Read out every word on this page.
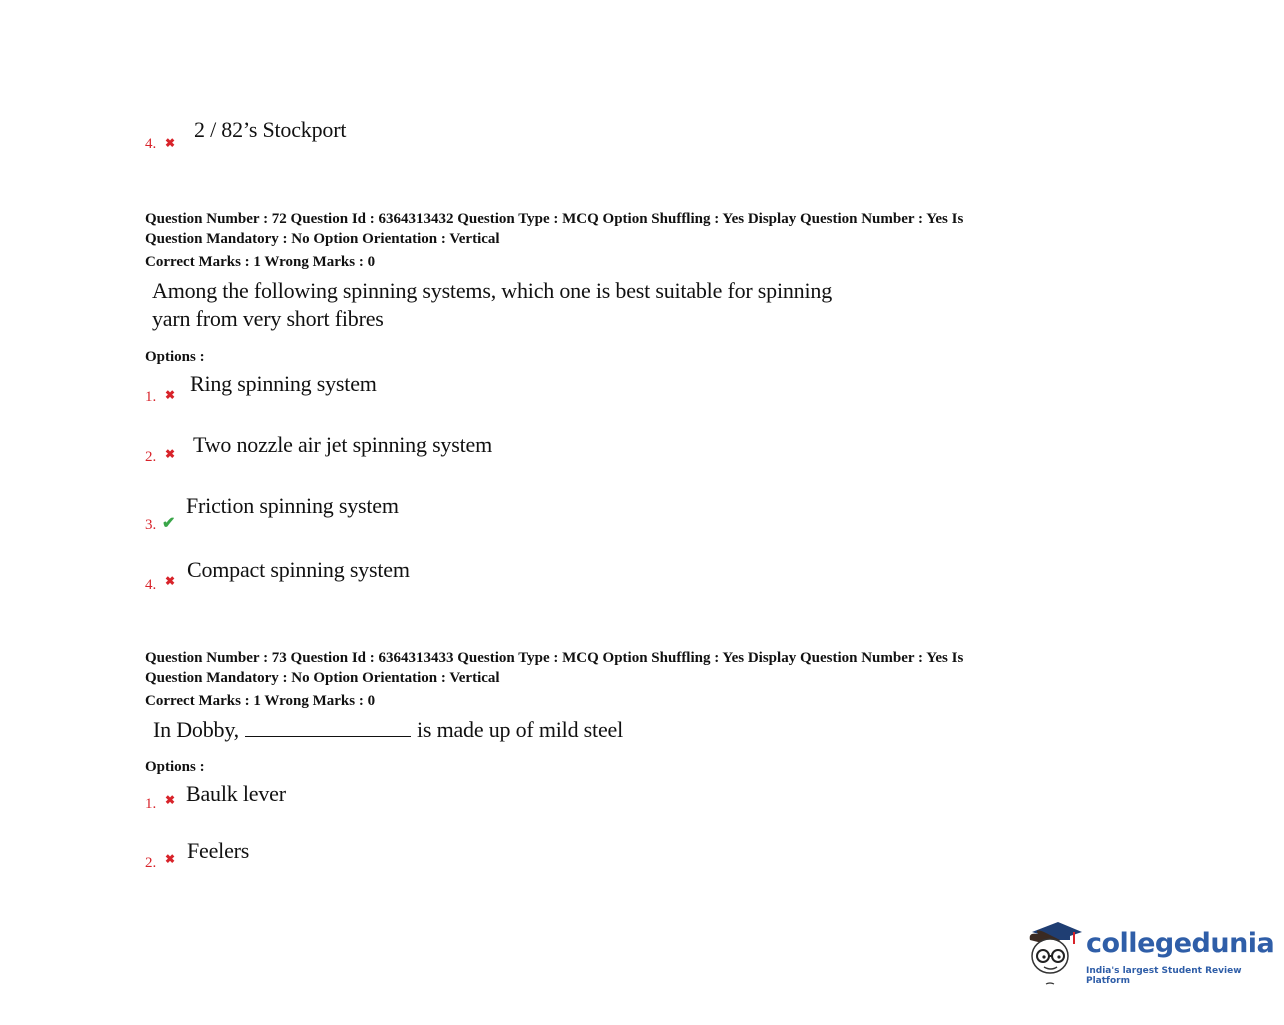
4. ✖
2 / 82’s Stockport
Question Number : 72 Question Id : 6364313432 Question Type : MCQ Option Shuffling : Yes Display Question Number : Yes Is
Question Mandatory : No Option Orientation : Vertical
Correct Marks : 1 Wrong Marks : 0
Among the following spinning systems, which one is best suitable for spinning
yarn from very short fibres
Options :
1. ✖ Ring spinning system
2. ✖ Two nozzle air jet spinning system
3. ✔
Friction spinning system
4. ✖ Compact spinning system
Question Number : 73 Question Id : 6364313433 Question Type : MCQ Option Shuffling : Yes Display Question Number : Yes Is
Question Mandatory : No Option Orientation : Vertical
Correct Marks : 1 Wrong Marks : 0
In Dobby,	is made up of mild steel
Options :
1. ✖ Baulk lever
2. ✖ Feelers
collegedunia
India's largest Student Review Platform
